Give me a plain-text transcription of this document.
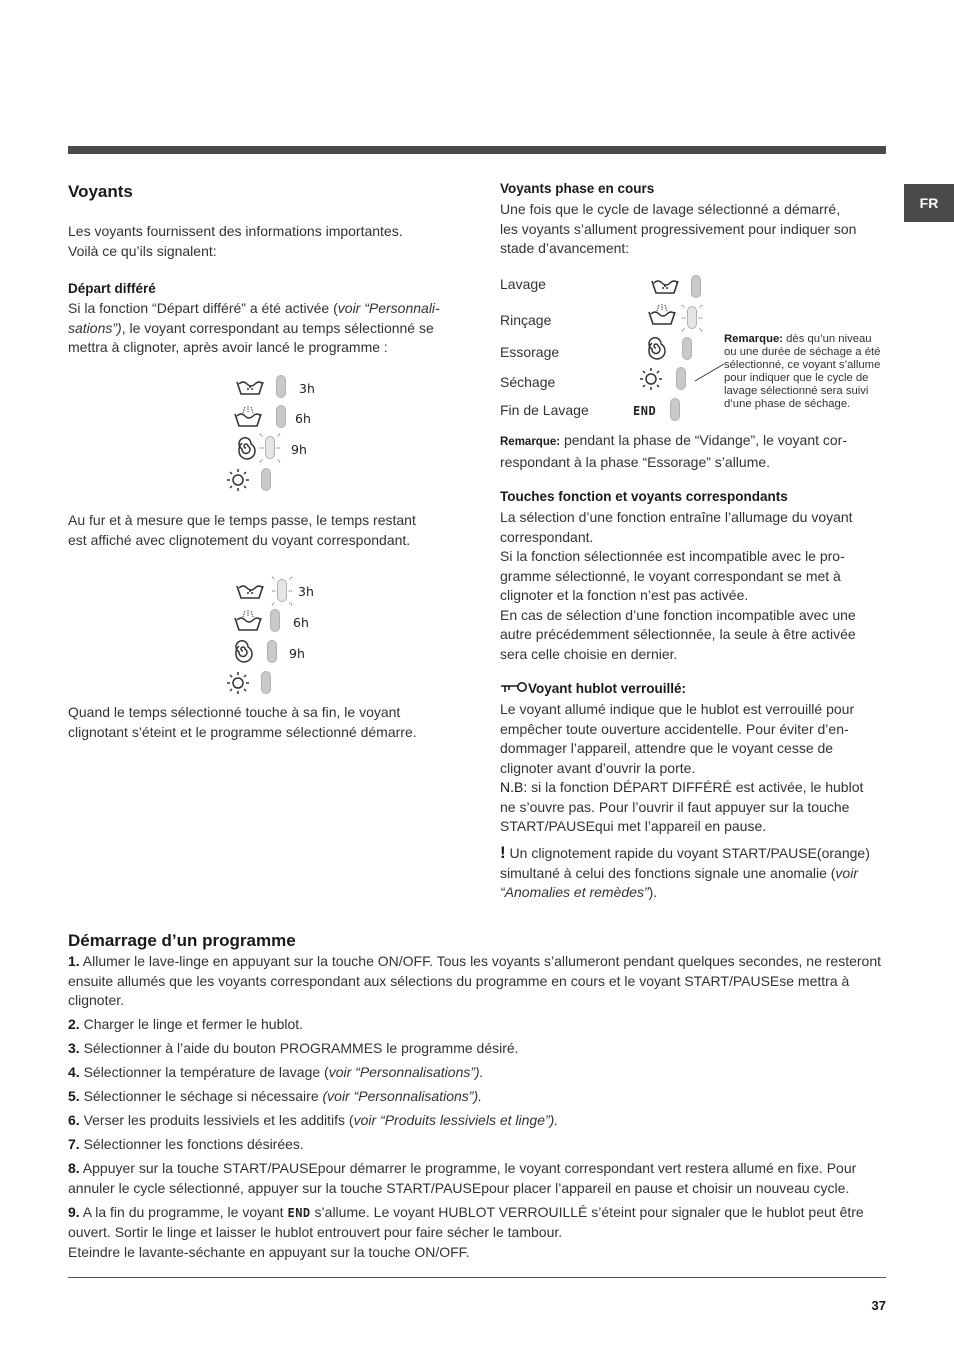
FR
Voyants
Les voyants fournissent des informations importantes.
Voilà ce qu’ils signalent:
Départ différé
Si la fonction “Départ différé” a été activée (voir “Personnali-
sations”), le voyant correspondant au temps sélectionné se
mettra à clignoter, après avoir lancé le programme :
3h
6h
9h
Au fur et à mesure que le temps passe, le temps restant
est affiché avec clignotement du voyant correspondant.
3h
6h
9h
Quand le temps sélectionné touche à sa fin, le voyant
clignotant s’éteint et le programme sélectionné démarre.
Voyants phase en cours
Une fois que le cycle de lavage sélectionné a démarré,
les voyants s’allument progressivement pour indiquer son
stade d’avancement:
Lavage
Rinçage
Essorage
Séchage
Fin de Lavage	END
Remarque: dès qu’un niveau
ou une durée de séchage a été
sélectionné, ce voyant s’allume
pour indiquer que le cycle de
lavage sélectionné sera suivi
d’une phase de séchage.
Remarque: pendant la phase de “Vidange”, le voyant cor-
respondant à la phase “Essorage” s’allume.
Touches fonction et voyants correspondants
La sélection d’une fonction entraîne l’allumage du voyant
correspondant.
Si la fonction sélectionnée est incompatible avec le pro-
gramme sélectionné, le voyant correspondant se met à
clignoter et la fonction n’est pas activée.
En cas de sélection d’une fonction incompatible avec une
autre précédemment sélectionnée, la seule à être activée
sera celle choisie en dernier.
Voyant hublot verrouillé:
Le voyant allumé indique que le hublot est verrouillé pour
empêcher toute ouverture accidentelle. Pour éviter d’en-
dommager l’appareil, attendre que le voyant cesse de
clignoter avant d’ouvrir la porte.
N.B: si la fonction DÉPART DIFFÉRÉ est activée, le hublot
ne s’ouvre pas. Pour l’ouvrir il faut appuyer sur la touche
START/PAUSEqui met l’appareil en pause.
! Un clignotement rapide du voyant START/PAUSE(orange)
simultané à celui des fonctions signale une anomalie (voir
“Anomalies et remèdes”).
Démarrage d’un programme
1. Allumer le lave-linge en appuyant sur la touche ON/OFF. Tous les voyants s’allumeront pendant quelques secondes, ne resteront ensuite allumés que les voyants correspondant aux sélections du programme en cours et le voyant START/PAUSEse mettra à clignoter.
2. Charger le linge et fermer le hublot.
3. Sélectionner à l’aide du bouton PROGRAMMES le programme désiré.
4. Sélectionner la température de lavage (voir “Personnalisations”).
5. Sélectionner le séchage si nécessaire (voir “Personnalisations”).
6. Verser les produits lessiviels et les additifs (voir “Produits lessiviels et linge”).
7. Sélectionner les fonctions désirées.
8. Appuyer sur la touche START/PAUSEpour démarrer le programme, le voyant correspondant vert restera allumé en fixe. Pour annuler le cycle sélectionné, appuyer sur la touche START/PAUSEpour placer l’appareil en pause et choisir un nouveau cycle.
9. A la fin du programme, le voyant END s’allume. Le voyant HUBLOT VERROUILLÉ s’éteint pour signaler que le hublot peut être ouvert. Sortir le linge et laisser le hublot entrouvert pour faire sécher le tambour.
Eteindre le lavante-séchante en appuyant sur la touche ON/OFF.
37
